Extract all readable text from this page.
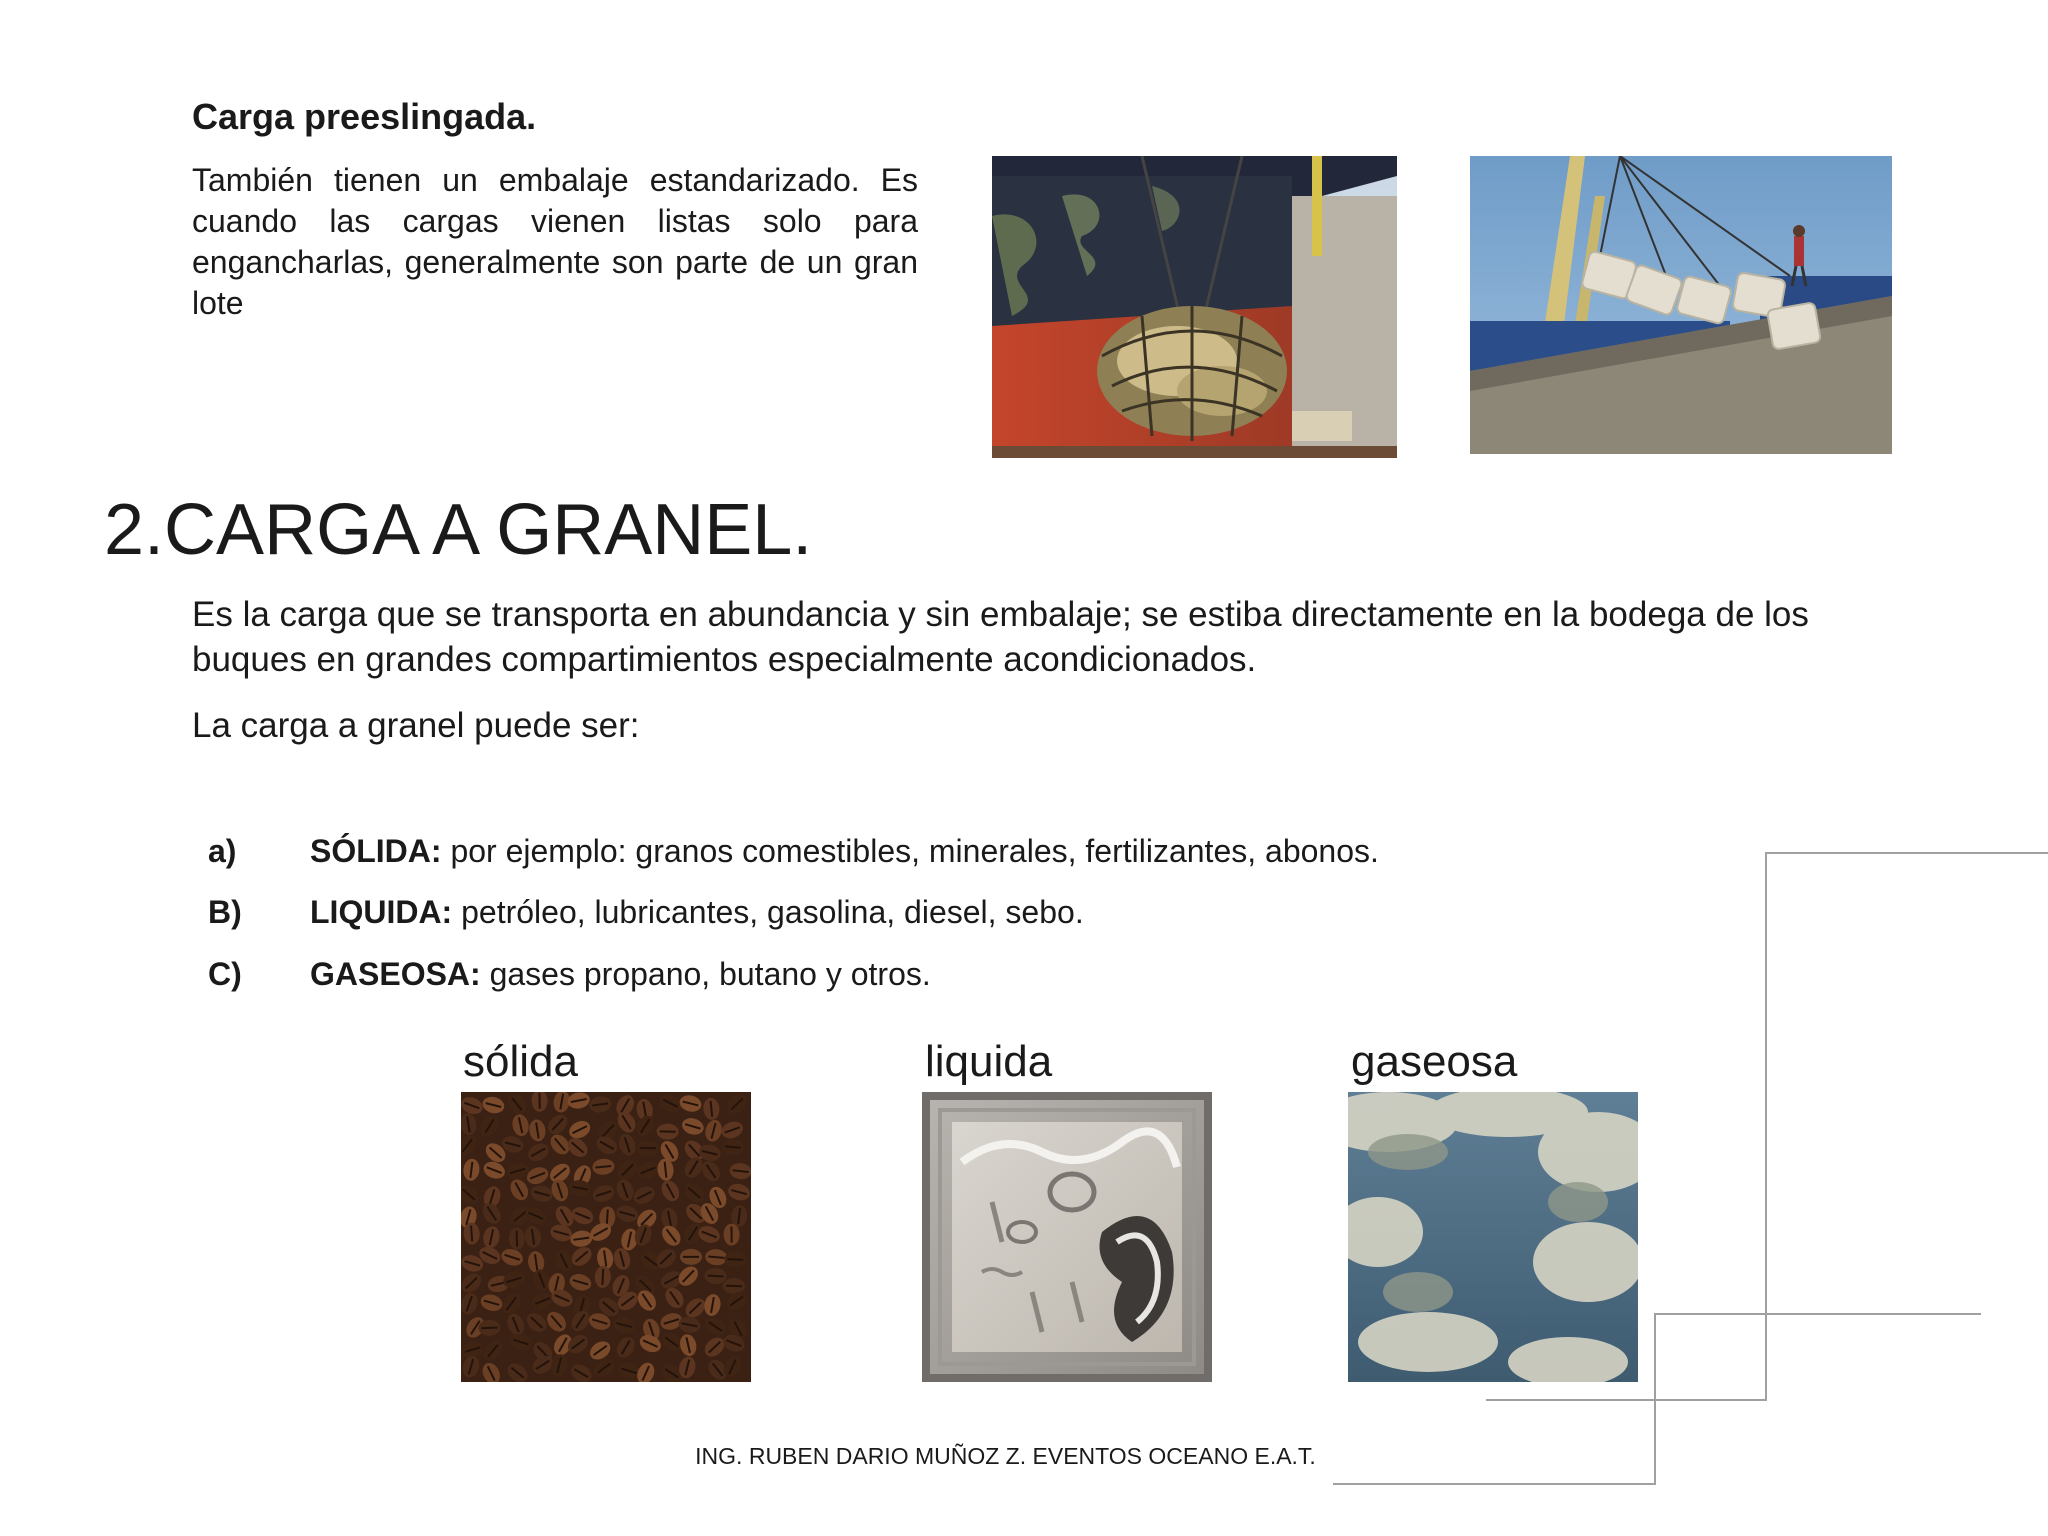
Carga preeslingada.
También tienen un embalaje estandarizado. Es cuando las cargas vienen listas solo para engancharlas, generalmente son parte de un gran lote
2.CARGA A GRANEL.
Es la carga que se transporta en abundancia y sin embalaje; se estiba directamente en la bodega de los buques en grandes compartimientos especialmente acondicionados.
La carga a granel puede ser:
a) SÓLIDA: por ejemplo: granos comestibles, minerales, fertilizantes, abonos.
B) LIQUIDA: petróleo, lubricantes, gasolina, diesel, sebo.
C) GASEOSA: gases propano, butano y otros.
sólida	liquida	gaseosa
ING. RUBEN DARIO MUÑOZ Z. EVENTOS OCEANO E.A.T.
